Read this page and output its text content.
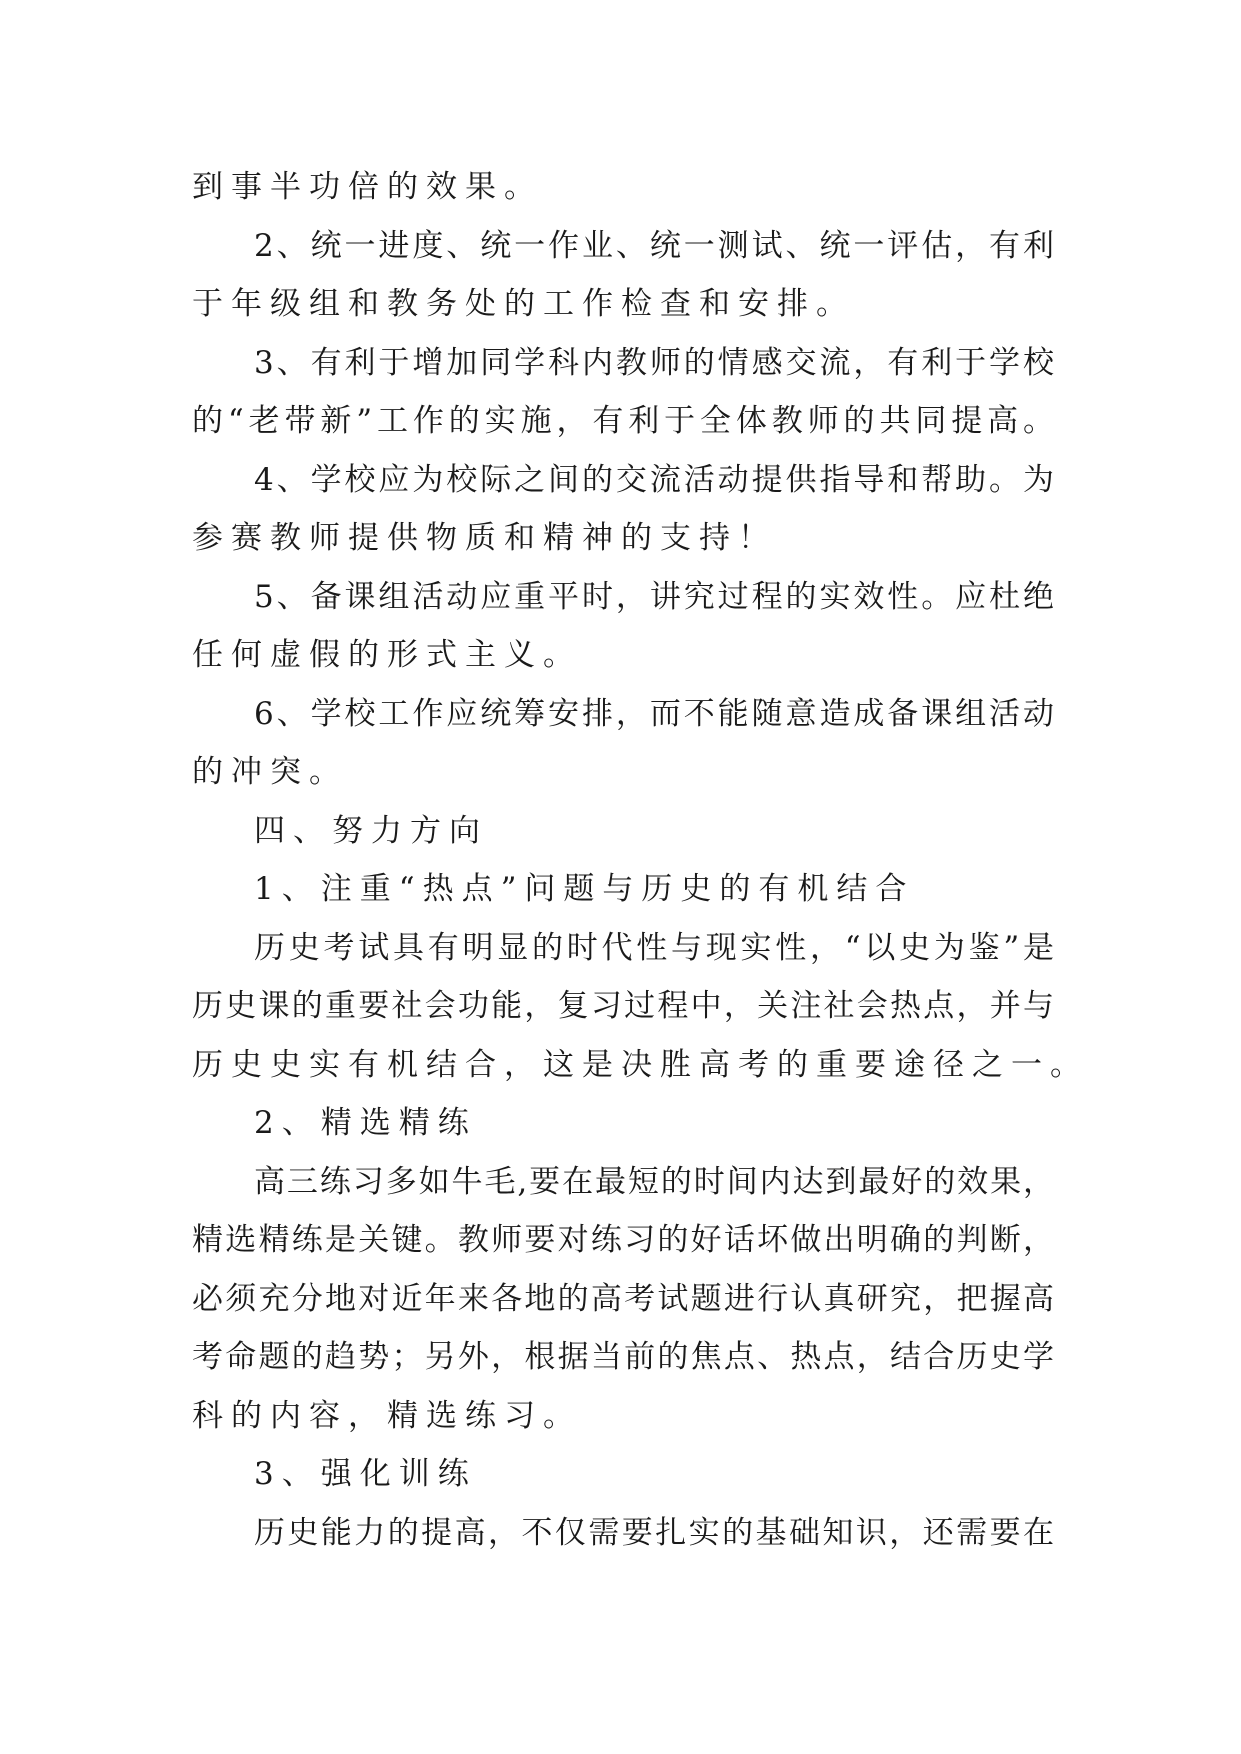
到事半功倍的效果。
2、统一进度、统一作业、统一测试、统一评估，有利
于年级组和教务处的工作检查和安排。
3、有利于增加同学科内教师的情感交流，有利于学校
的“老带新”工作的实施，有利于全体教师的共同提高。
4、学校应为校际之间的交流活动提供指导和帮助。为
参赛教师提供物质和精神的支持！
5、备课组活动应重平时，讲究过程的实效性。应杜绝
任何虚假的形式主义。
6、学校工作应统筹安排，而不能随意造成备课组活动
的冲突。
四、努力方向
1、注重“热点”问题与历史的有机结合
历史考试具有明显的时代性与现实性，“以史为鉴”是
历史课的重要社会功能，复习过程中，关注社会热点，并与
历史史实有机结合，这是决胜高考的重要途径之一。
2、精选精练
高三练习多如牛毛,要在最短的时间内达到最好的效果，
精选精练是关键。教师要对练习的好话坏做出明确的判断，
必须充分地对近年来各地的高考试题进行认真研究，把握高
考命题的趋势；另外，根据当前的焦点、热点，结合历史学
科的内容，精选练习。
3、强化训练
历史能力的提高，不仅需要扎实的基础知识，还需要在
